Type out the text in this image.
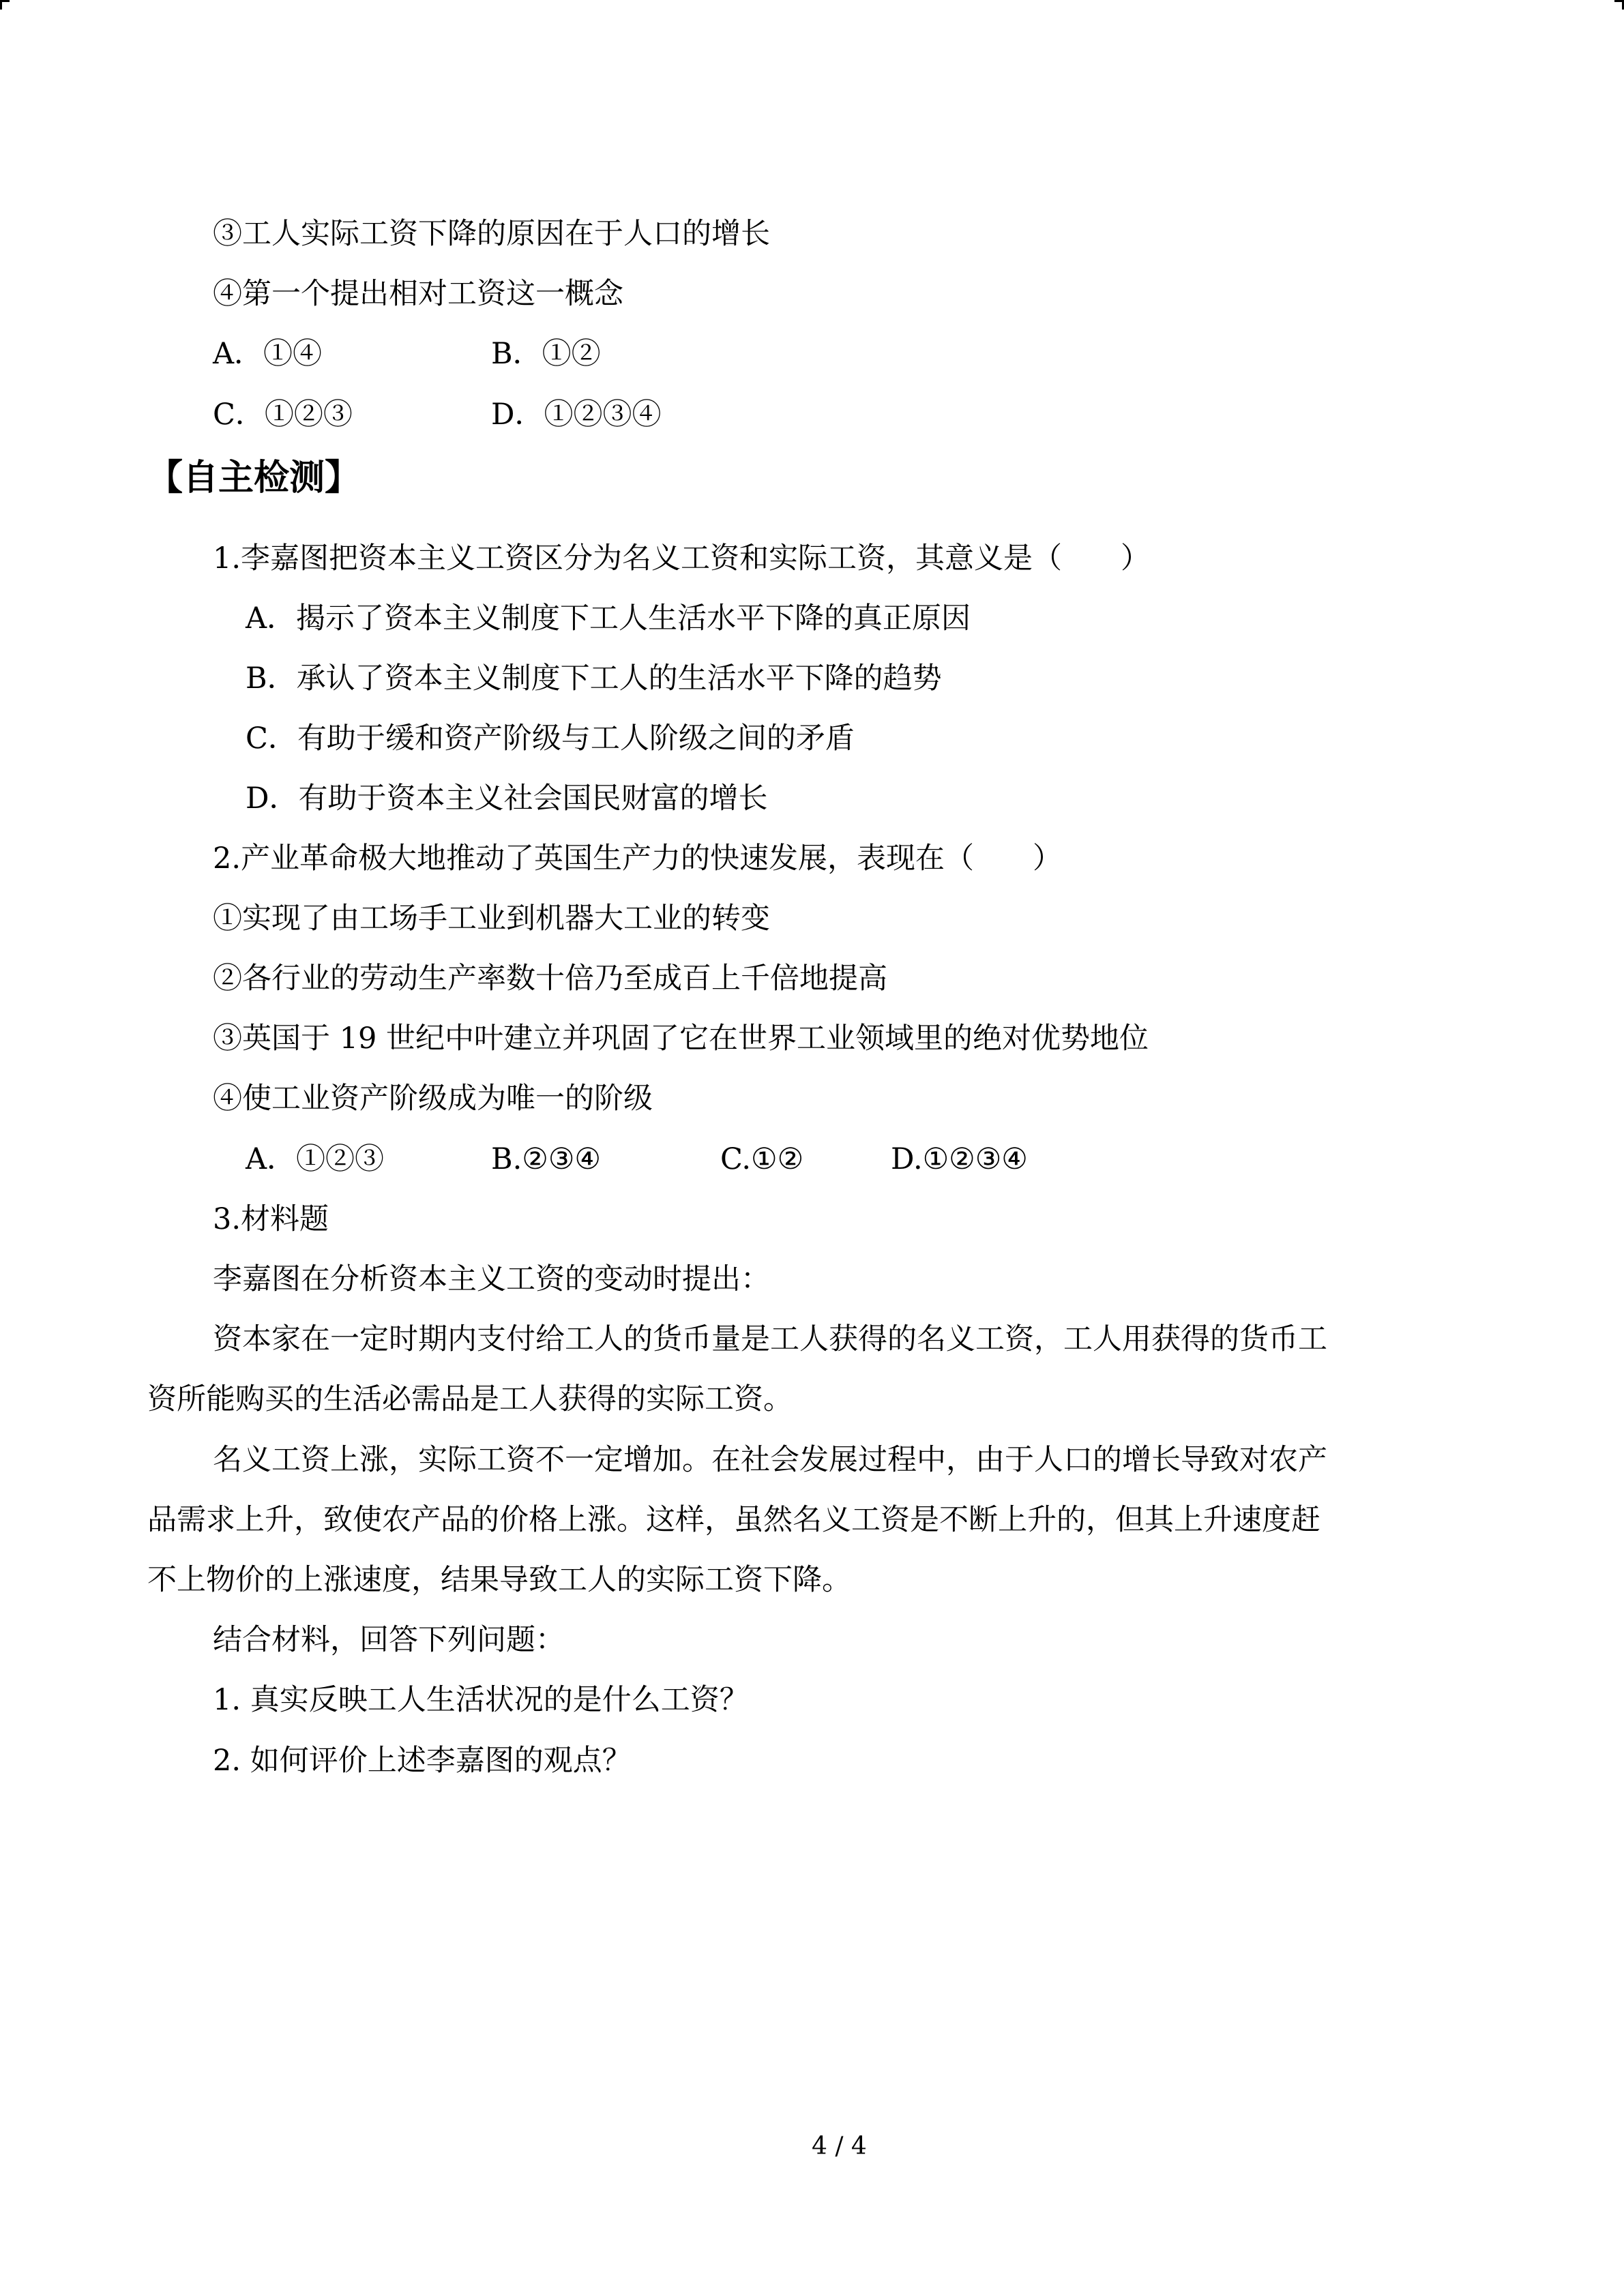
③工人实际工资下降的原因在于人口的增长
④第一个提出相对工资这一概念
A．①④	B．①②
C．①②③	D．①②③④
【自主检测】
1.李嘉图把资本主义工资区分为名义工资和实际工资，其意义是（　　）
A．揭示了资本主义制度下工人生活水平下降的真正原因
B．承认了资本主义制度下工人的生活水平下降的趋势
C．有助于缓和资产阶级与工人阶级之间的矛盾
D．有助于资本主义社会国民财富的增长
2.产业革命极大地推动了英国生产力的快速发展，表现在（　　）
①实现了由工场手工业到机器大工业的转变
②各行业的劳动生产率数十倍乃至成百上千倍地提高
③英国于 19 世纪中叶建立并巩固了它在世界工业领域里的绝对优势地位
④使工业资产阶级成为唯一的阶级
A．①②③	B.②③④	C.①②	D.①②③④
3.材料题
李嘉图在分析资本主义工资的变动时提出：
资本家在一定时期内支付给工人的货币量是工人获得的名义工资，工人用获得的货币工
资所能购买的生活必需品是工人获得的实际工资。
名义工资上涨，实际工资不一定增加。在社会发展过程中，由于人口的增长导致对农产
品需求上升，致使农产品的价格上涨。这样，虽然名义工资是不断上升的，但其上升速度赶
不上物价的上涨速度，结果导致工人的实际工资下降。
结合材料，回答下列问题：
1. 真实反映工人生活状况的是什么工资？
2. 如何评价上述李嘉图的观点？
4 / 4
